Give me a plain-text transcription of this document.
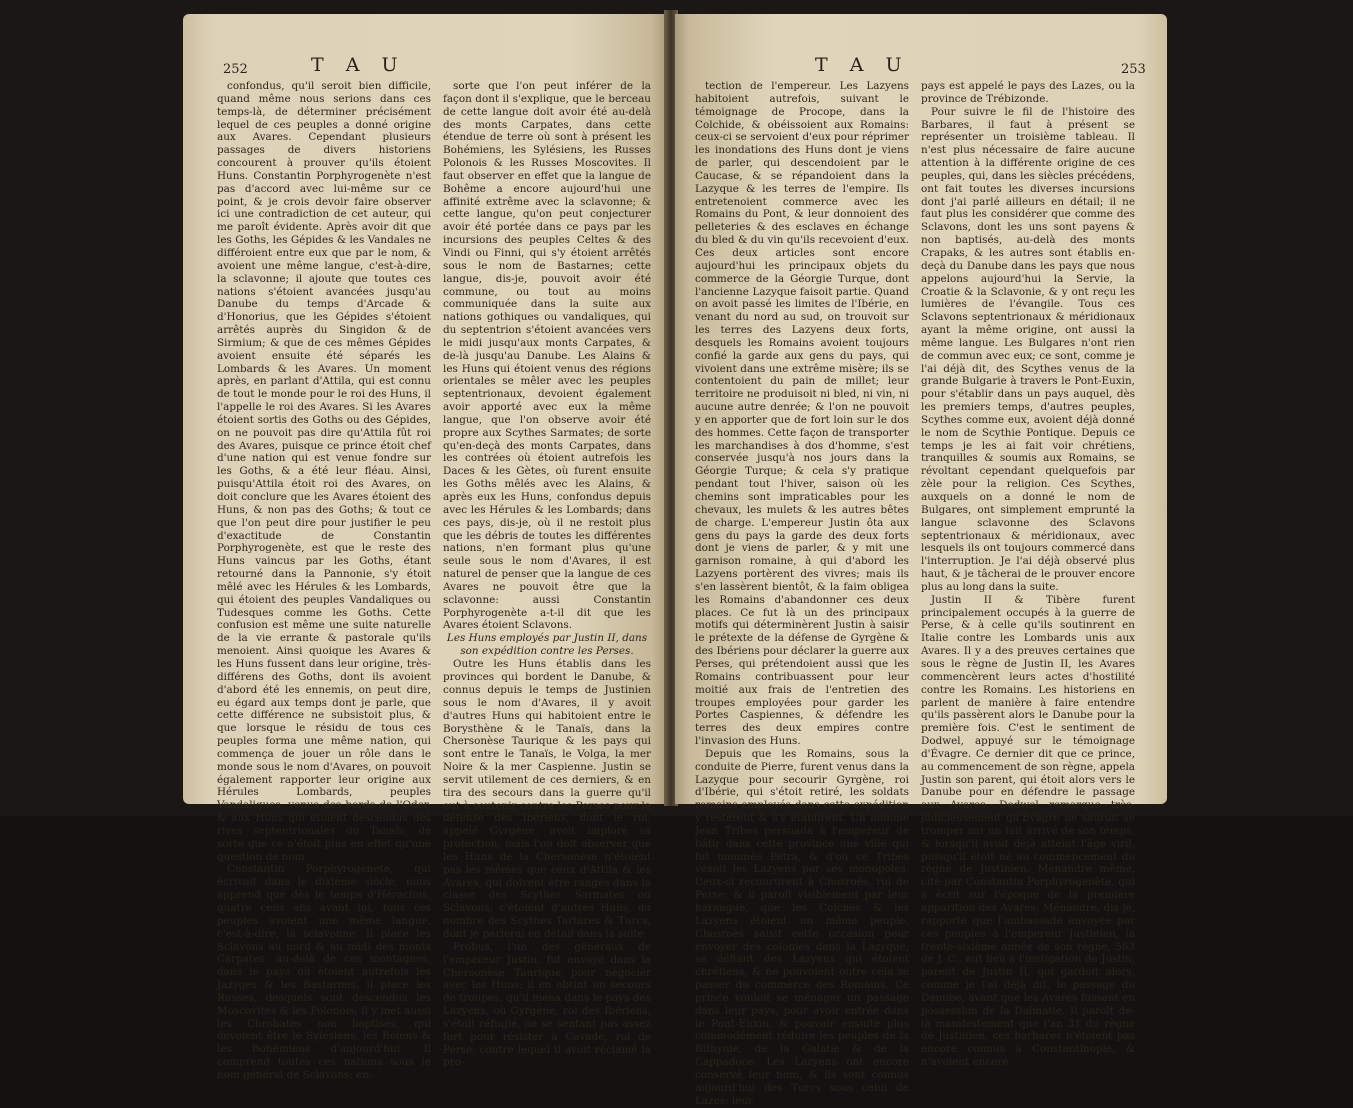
252	T A U

confondus, qu'il seroit bien difficile, quand même nous serions dans ces temps-là, de déterminer précisément lequel de ces peuples a donné origine aux Avares. Cependant plusieurs passages de divers historiens concourent à prouver qu'ils étoient Huns. Constantin Porphyrogenète n'est pas d'accord avec lui-même sur ce point, & je crois devoir faire observer ici une contradiction de cet auteur, qui me paroît évidente. Après avoir dit que les Goths, les Gépides & les Vandales ne différoient entre eux que par le nom, & avoient une même langue, c'est-à-dire, la sclavonne; il ajoute que toutes ces nations s'étoient avancées jusqu'au Danube du temps d'Arcade & d'Honorius, que les Gépides s'étoient arrêtés auprès du Singidon & de Sirmium; & que de ces mêmes Gépides avoient ensuite été séparés les Lombards & les Avares. Un moment après, en parlant d'Attila, qui est connu de tout le monde pour le roi des Huns, il l'appelle le roi des Avares. Si les Avares étoient sortis des Goths ou des Gépides, on ne pouvoit pas dire qu'Attila fût roi des Avares, puisque ce prince étoit chef d'une nation qui est venue fondre sur les Goths, & a été leur fléau. Ainsi, puisqu'Attila étoit roi des Avares, on doit conclure que les Avares étoient des Huns, & non pas des Goths; & tout ce que l'on peut dire pour justifier le peu d'exactitude de Constantin Porphyrogenète, est que le reste des Huns vaincus par les Goths, étant retourné dans la Pannonie, s'y étoit mêlé avec les Hérules & les Lombards, qui étoient des peuples Vandaliques ou Tudesques comme les Goths. Cette confusion est même une suite naturelle de la vie errante & pastorale qu'ils menoient. Ainsi quoique les Avares & les Huns fussent dans leur origine, très-différens des Goths, dont ils avoient d'abord été les ennemis, on peut dire, eu égard aux temps dont je parle, que cette différence ne subsistoit plus, & que lorsque le résidu de tous ces peuples forma une même nation, qui commença de jouer un rôle dans le monde sous le nom d'Avares, on pouvoit également rapporter leur origine aux Hérules Lombards, peuples Vandaliques, venus des bords de l'Oder, & aux Huns qui étoient descendus des rives septentrionales du Tanaïs; de sorte que ce n'étoit plus en effet qu'une question de nom.

Constantin Porphyrogenète, qui écrivoit dans le dixième siècle, nous apprend que dès le temps d'Héraclius, quatre cens ans avant lui, tous ces peuples avoient une même langue, c'est-à-dire, la sclavonne. Il place les Sclavons au nord & au midi des monts Carpates: au-delà de ces montagnes, dans le pays où étoient autrefois les Jazyges & les Bastarnes, il place les Russes, desquels sont descendus les Moscovites & les Polonois; il y met aussi les Chrobates non baptisés, qui devoient être le Sylésiens, les Boïens & les Bohémiens d'aujourd'hui. Il comprend toutes ces nations sous le nom général de Sclavons; en-

sorte que l'on peut inférer de la façon dont il s'explique, que le berceau de cette langue doit avoir été au-delà des monts Carpates, dans cette étendue de terre où sont à présent les Bohémiens, les Sylésiens, les Russes Polonois & les Russes Moscovites. Il faut observer en effet que la langue de Bohême a encore aujourd'hui une affinité extrême avec la sclavonne; & cette langue, qu'on peut conjecturer avoir été portée dans ce pays par les incursions des peuples Celtes & des Vindi ou Finni, qui s'y étoient arrêtés sous le nom de Bastarnes; cette langue, dis-je, pouvoit avoir été commune, ou tout au moins communiquée dans la suite aux nations gothiques ou vandaliques, qui du septentrion s'étoient avancées vers le midi jusqu'aux monts Carpates, & de-là jusqu'au Danube. Les Alains & les Huns qui étoient venus des régions orientales se mêler avec les peuples septentrionaux, devoient également avoir apporté avec eux la même langue, que l'on observe avoir été propre aux Scythes Sarmates; de sorte qu'en-deçà des monts Carpates, dans les contrées où étoient autrefois les Daces & les Gètes, où furent ensuite les Goths mêlés avec les Alains, & après eux les Huns, confondus depuis avec les Hérules & les Lombards; dans ces pays, dis-je, où il ne restoit plus que les débris de toutes les différentes nations, n'en formant plus qu'une seule sous le nom d'Avares, il est naturel de penser que la langue de ces Avares ne pouvoit être que la sclavonne: aussi Constantin Porphyrogenète a-t-il dit que les Avares étoient Sclavons.

Les Huns employés par Justin II, dans son expédition contre les Perses.

Outre les Huns établis dans les provinces qui bordent le Danube, & connus depuis le temps de Justinien sous le nom d'Avares, il y avoit d'autres Huns qui habitoient entre le Borysthène & le Tanaïs, dans la Chersonèse Taurique & les pays qui sont entre le Tanaïs, le Volga, la mer Noire & la mer Caspienne. Justin se servit utilement de ces derniers, & en tira des secours dans la guerre qu'il eut à soutenir contre les Perses pour la défense des Ibériens, dont le roi, appelé Gyrgène, avoit imploré sa protection; mais l'on doit observer que les Huns de la Chersonèse n'étoient pas les mêmes que ceux d'Attila & les Avares, qui doivent être rangés dans la classe des Scythes Sarmates ou Sclavons; c'étoient d'autres Huns, du nombre des Scythes Tartares & Turcs, dont je parlerai en détail dans la suite.

Probus, l'un des généraux de l'empereur Justin, fut envoyé dans la Chersonèse Taurique pour négocier avec les Huns; il en obtint un secours de troupes, qu'il mena dans le pays des Lazyens, où Gyrgène, roi des Ibériens, s'étoit réfugié, ne se sentant pas assez fort pour résister à Cavade, roi de Perse, contre lequel il avoit réclamé la pro-

T A U	253

tection de l'empereur. Les Lazyens habitoient autrefois, suivant le témoignage de Procope, dans la Colchide, & obéissoient aux Romains: ceux-ci se servoient d'eux pour réprimer les inondations des Huns dont je viens de parler, qui descendoient par le Caucase, & se répandoient dans la Lazyque & les terres de l'empire. Ils entretenoient commerce avec les Romains du Pont, & leur donnoient des pelleteries & des esclaves en échange du bled & du vin qu'ils recevoient d'eux. Ces deux articles sont encore aujourd'hui les principaux objets du commerce de la Géorgie Turque, dont l'ancienne Lazyque faisoit partie. Quand on avoit passé les limites de l'Ibérie, en venant du nord au sud, on trouvoit sur les terres des Lazyens deux forts, desquels les Romains avoient toujours confié la garde aux gens du pays, qui vivoient dans une extrême misère; ils se contentoient du pain de millet; leur territoire ne produisoit ni bled, ni vin, ni aucune autre denrée; & l'on ne pouvoit y en apporter que de fort loin sur le dos des hommes. Cette façon de transporter les marchandises à dos d'homme, s'est conservée jusqu'à nos jours dans la Géorgie Turque; & cela s'y pratique pendant tout l'hiver, saison où les chemins sont impraticables pour les chevaux, les mulets & les autres bêtes de charge. L'empereur Justin ôta aux gens du pays la garde des deux forts dont je viens de parler, & y mit une garnison romaine, à qui d'abord les Lazyens portèrent des vivres; mais ils s'en lassèrent bientôt, & la faim obligea les Romains d'abandonner ces deux places. Ce fut là un des principaux motifs qui déterminèrent Justin à saisir le prétexte de la défense de Gyrgène & des Ibériens pour déclarer la guerre aux Perses, qui prétendoient aussi que les Romains contribuassent pour leur moitié aux frais de l'entretien des troupes employées pour garder les Portes Caspiennes, & défendre les terres des deux empires contre l'invasion des Huns.

Depuis que les Romains, sous la conduite de Pierre, furent venus dans la Lazyque pour secourir Gyrgène, roi d'Ibérie, qui s'étoit retiré, les soldats romains employés dans cette expédition y restèrent & s'y établirent. Un nommé Jean Tribes persuada à l'empereur de bâtir dans cette province une ville qui fut nommée Pétra, & d'où ce Tribes vexoit les Lazyens par ses monopoles. Ceux-ci recoururent à Chosroès, roi de Perse; & il paroît visiblement par leur harangue, que les Colches & les Lazyens étoient un même peuple. Chosroès saisit cette occasion pour envoyer des colonies dans la Lazyque, se défiant des Lazyens qui étoient chrétiens, & ne pouvoient outre cela se passer du commerce des Romains. Ce prince vouloit se ménager un passage dans leur pays, pour avoir entrée dans le Pont-Euxin, & pouvoir ensuite plus commodément réduire les peuples de la Bithynie, de la Galatie & de la Cappadoce. Les Lazyens ont encore conservé leur nom, & ils sont connus aujourd'hui des Turcs sous celui de Lazes; leur

pays est appelé le pays des Lazes, ou la province de Trébizonde.

Pour suivre le fil de l'histoire des Barbares, il faut à présent se représenter un troisième tableau. Il n'est plus nécessaire de faire aucune attention à la différente origine de ces peuples, qui, dans les siècles précédens, ont fait toutes les diverses incursions dont j'ai parlé ailleurs en détail; il ne faut plus les considérer que comme des Sclavons, dont les uns sont payens & non baptisés, au-delà des monts Crapaks, & les autres sont établis en-deçà du Danube dans les pays que nous appelons aujourd'hui la Servie, la Croatie & la Sclavonie, & y ont reçu les lumières de l'évangile. Tous ces Sclavons septentrionaux & méridionaux ayant la même origine, ont aussi la même langue. Les Bulgares n'ont rien de commun avec eux; ce sont, comme je l'ai déjà dit, des Scythes venus de la grande Bulgarie à travers le Pont-Euxin, pour s'établir dans un pays auquel, dès les premiers temps, d'autres peuples, Scythes comme eux, avoient déjà donné le nom de Scythie Pontique. Depuis ce temps je les ai fait voir chrétiens, tranquilles & soumis aux Romains, se révoltant cependant quelquefois par zèle pour la religion. Ces Scythes, auxquels on a donné le nom de Bulgares, ont simplement emprunté la langue sclavonne des Sclavons septentrionaux & méridionaux, avec lesquels ils ont toujours commercé dans l'interruption. Je l'ai déjà observé plus haut, & je tâcherai de le prouver encore plus au long dans la suite.

Justin II & Tibère furent principalement occupés à la guerre de Perse, & à celle qu'ils soutinrent en Italie contre les Lombards unis aux Avares. Il y a des preuves certaines que sous le règne de Justin II, les Avares commencèrent leurs actes d'hostilité contre les Romains. Les historiens en parlent de manière à faire entendre qu'ils passèrent alors le Danube pour la première fois. C'est le sentiment de Dodwel, appuyé sur le témoignage d'Évagre. Ce dernier dit que ce prince, au commencement de son règne, appela Justin son parent, qui étoit alors vers le Danube pour en défendre le passage aux Avares. Dodwel remarque très-judicieusement qu'Évagre ne sauroit se tromper sur un fait arrivé de son temps, & lorsqu'il avoit déjà atteint l'âge viril, puisqu'il étoit né au commencement du règne de Justinien. Ménandre même, cité par Constantin Porphyrogenète, qui a écrit sur l'époque de la première apparition des Avares; Ménandre, dis-je, rapporte que l'ambassade envoyée par ces peuples à l'empereur Justinien, la trente-sixième année de son règne, 563 de J. C., eut lieu à l'instigation de Justin, parent de Justin II, qui gardoit alors, comme je l'ai déjà dit, le passage du Danube, avant que les Avares fussent en possession de la Dalmatie. Il paroît de-là manifestement que l'an 31 du règne de Justinien, ces barbares n'étoient pas encore connus à Constantinople, & n'avoient encore
